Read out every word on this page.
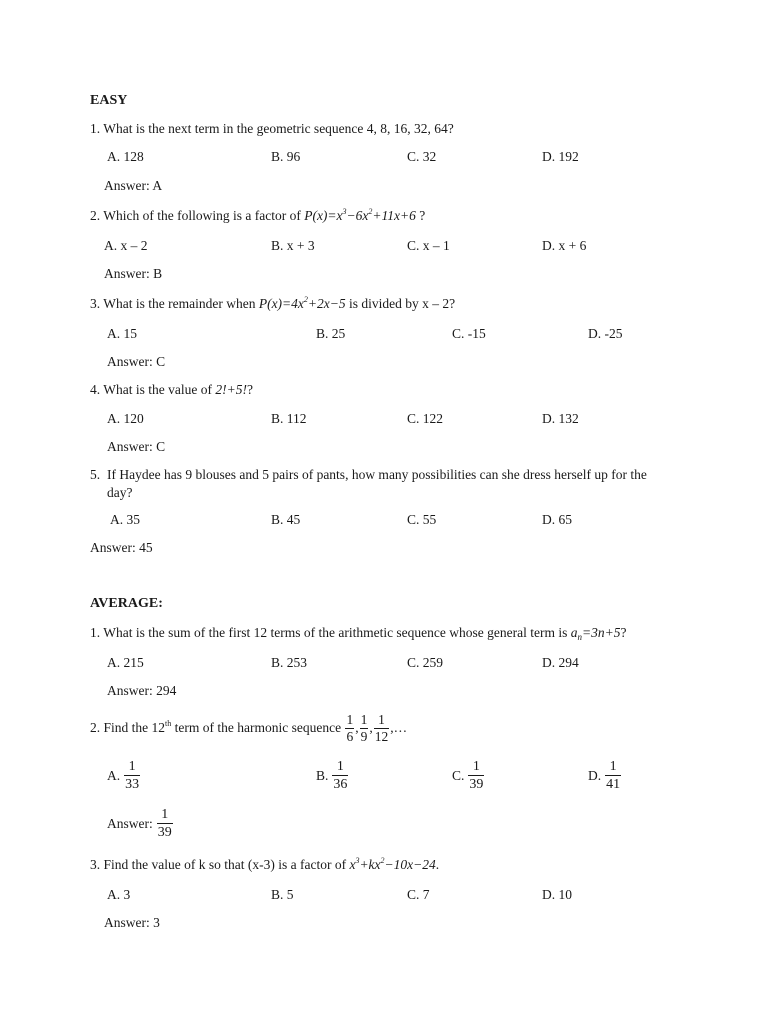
EASY
1. What is the next term in the geometric sequence 4, 8, 16, 32, 64?
A. 128	B. 96	C. 32	D. 192
Answer: A
2. Which of the following is a factor of $P(x)=x^3-6x^2+11x+6$ ?
A. x – 2	B. x + 3	C. x – 1	D. x + 6
Answer: B
3. What is the remainder when $P(x)=4x^2+2x-5$ is divided by x – 2?
A. 15	B. 25	C. -15	D. -25
Answer: C
4. What is the value of 2!+5!?
A. 120	B. 112	C. 122	D. 132
Answer: C
5. If Haydee has 9 blouses and 5 pairs of pants, how many possibilities can she dress herself up for the
day?
A. 35	B. 45	C. 55	D. 65
Answer: 45
AVERAGE:
1. What is the sum of the first 12 terms of the arithmetic sequence whose general term is $a_n=3n+5$?
A. 215	B. 253	C. 259	D. 294
Answer: 294
2. Find the 12th term of the harmonic sequence $\frac{1}{6}$ , $\frac{1}{9}$ , $\frac{1}{12}$ ,…
A. $\frac{1}{33}$	B. $\frac{1}{36}$	C. $\frac{1}{39}$	D. $\frac{1}{41}$
Answer: $\frac{1}{39}$
3. Find the value of k so that (x-3) is a factor of $x^3+kx^2-10x-24$.
A. 3	B. 5	C. 7	D. 10
Answer: 3
